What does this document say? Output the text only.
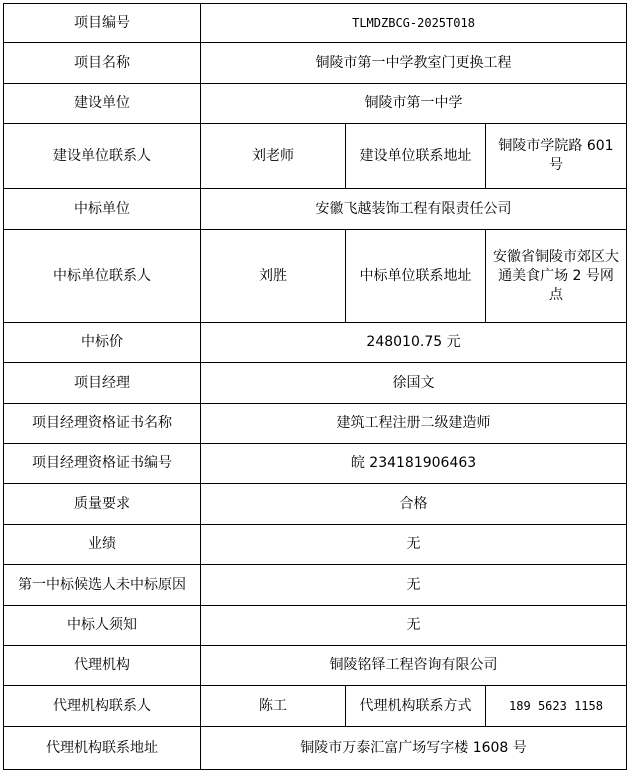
项目编号	TLMDZBCG-2025T018		
项目名称	铜陵市第一中学教室门更换工程		
建设单位	铜陵市第一中学		
建设单位联系人	刘老师	建设单位联系地址	铜陵市学院路 601 号
中标单位	安徽飞越装饰工程有限责任公司		
中标单位联系人	刘胜	中标单位联系地址	安徽省铜陵市郊区大通美食广场 2 号网点
中标价	248010.75 元		
项目经理	徐国文		
项目经理资格证书名称	建筑工程注册二级建造师		
项目经理资格证书编号	皖 234181906463		
质量要求	合格		
业绩	无		
第一中标候选人未中标原因	无		
中标人须知	无		
代理机构	铜陵铭铎工程咨询有限公司		
代理机构联系人	陈工	代理机构联系方式	189 5623 1158
代理机构联系地址	铜陵市万泰汇富广场写字楼 1608 号		
